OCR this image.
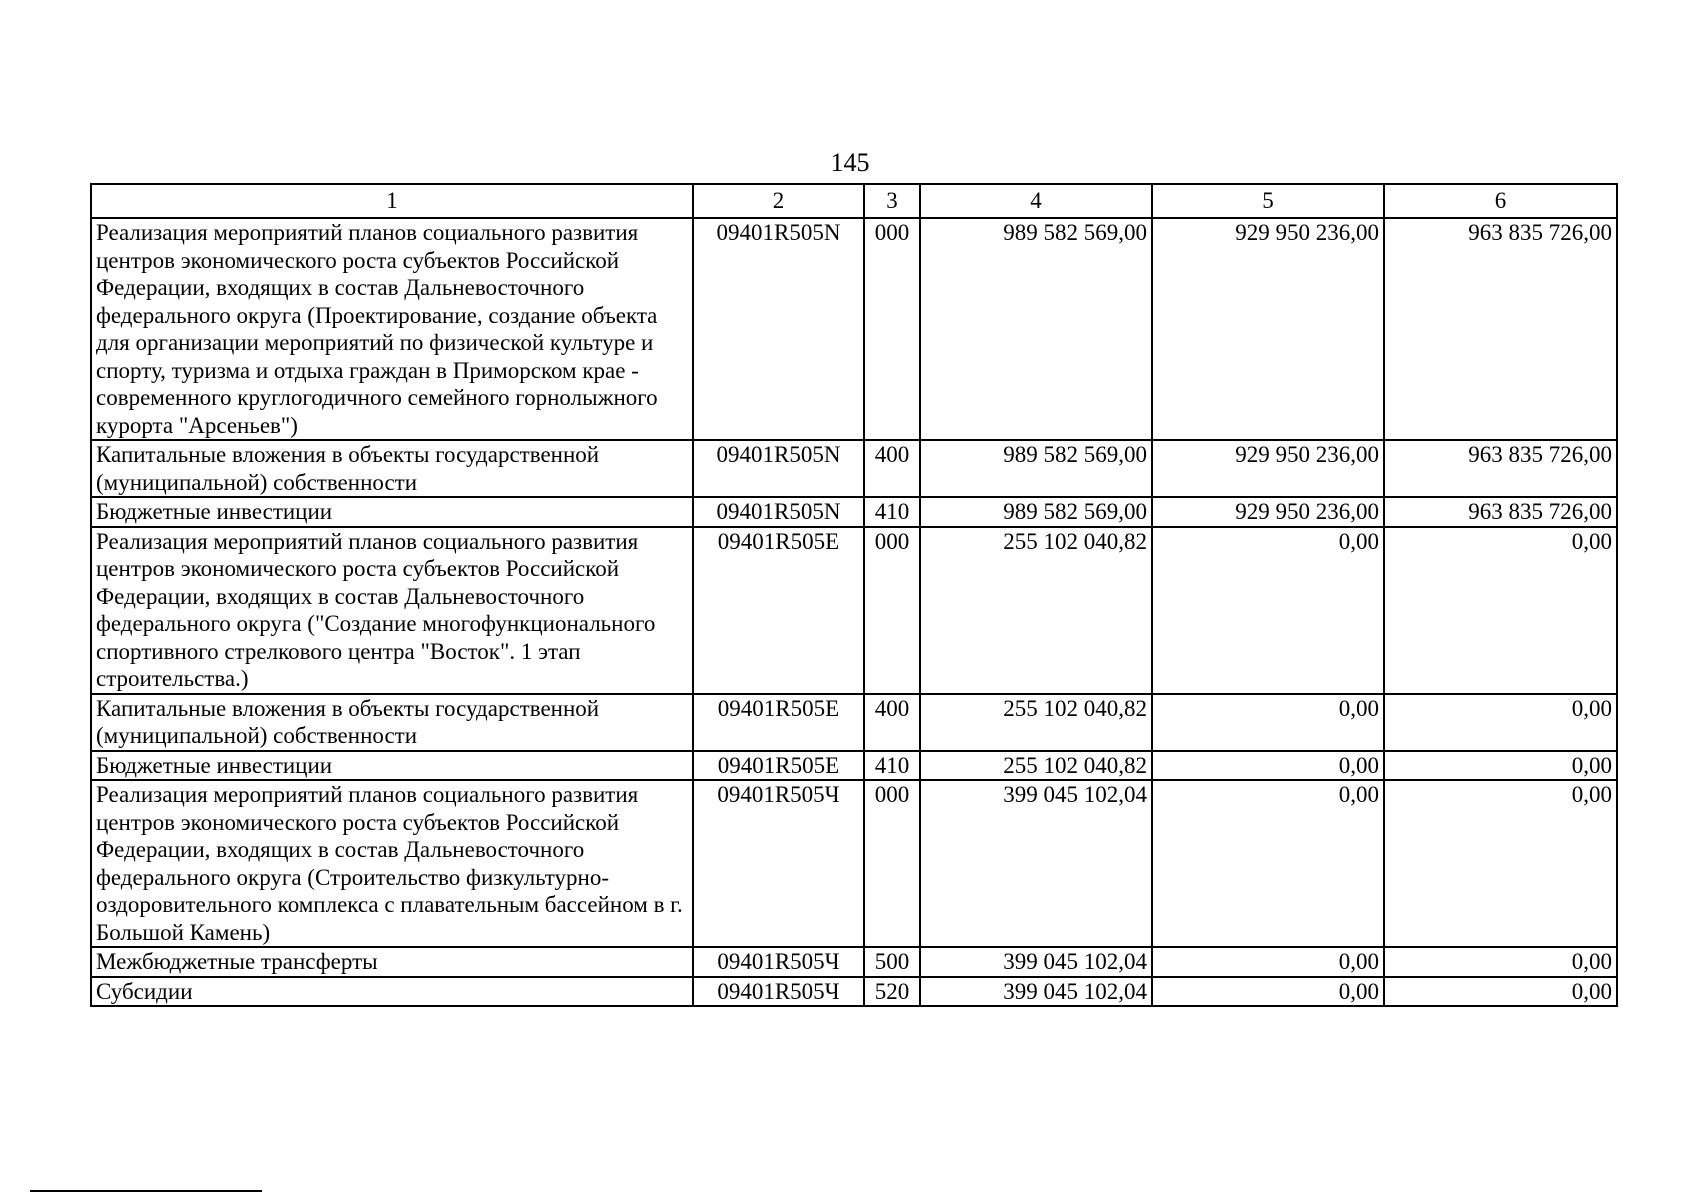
145
1	2	3	4	5	6
Реализация мероприятий планов социального развития центров экономического роста субъектов Российской Федерации, входящих в состав Дальневосточного федерального округа (Проектирование, создание объекта для организации мероприятий по физической культуре и спорту, туризма и отдыха граждан в Приморском крае - современного круглогодичного семейного горнолыжного курорта "Арсеньев")	09401R505N	000	989 582 569,00	929 950 236,00	963 835 726,00
Капитальные вложения в объекты государственной (муниципальной) собственности	09401R505N	400	989 582 569,00	929 950 236,00	963 835 726,00
Бюджетные инвестиции	09401R505N	410	989 582 569,00	929 950 236,00	963 835 726,00
Реализация мероприятий планов социального развития центров экономического роста субъектов Российской Федерации, входящих в состав Дальневосточного федерального округа ("Создание многофункционального спортивного стрелкового центра "Восток". 1 этап строительства.)	09401R505E	000	255 102 040,82	0,00	0,00
Капитальные вложения в объекты государственной (муниципальной) собственности	09401R505E	400	255 102 040,82	0,00	0,00
Бюджетные инвестиции	09401R505E	410	255 102 040,82	0,00	0,00
Реализация мероприятий планов социального развития центров экономического роста субъектов Российской Федерации, входящих в состав Дальневосточного федерального округа (Строительство физкультурно-оздоровительного комплекса с плавательным бассейном в г. Большой Камень)	09401R505Ч	000	399 045 102,04	0,00	0,00
Межбюджетные трансферты	09401R505Ч	500	399 045 102,04	0,00	0,00
Субсидии	09401R505Ч	520	399 045 102,04	0,00	0,00
